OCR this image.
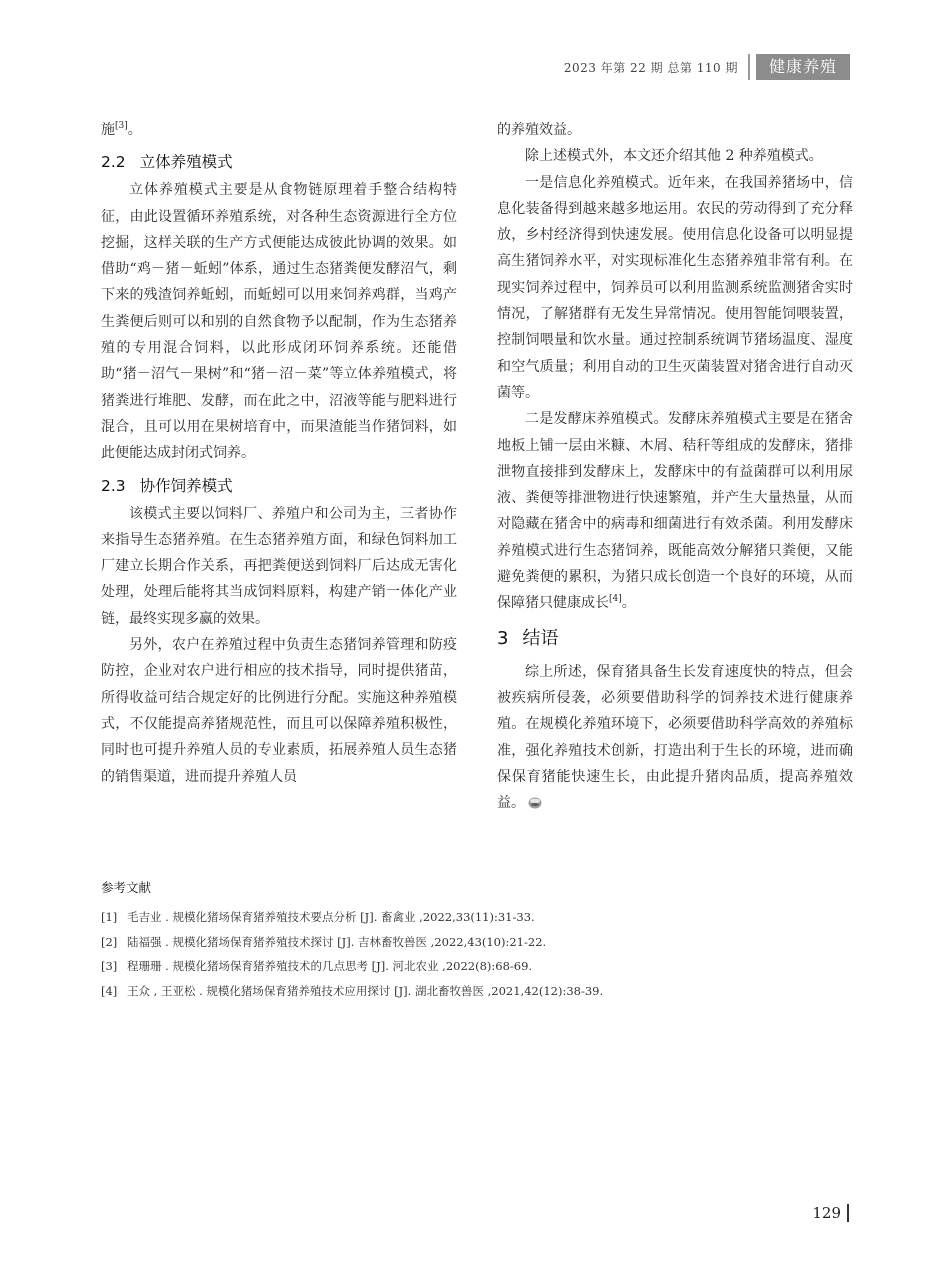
2023 年第 22 期 总第 110 期	健康养殖

施[3]。

2.2 立体养殖模式

立体养殖模式主要是从食物链原理着手整合结构特征，由此设置循环养殖系统，对各种生态资源进行全方位挖掘，这样关联的生产方式便能达成彼此协调的效果。如借助“鸡－猪－蚯蚓”体系，通过生态猪粪便发酵沼气，剩下来的残渣饲养蚯蚓，而蚯蚓可以用来饲养鸡群，当鸡产生粪便后则可以和别的自然食物予以配制，作为生态猪养殖的专用混合饲料，以此形成闭环饲养系统。还能借助“猪－沼气－果树”和“猪－沼－菜”等立体养殖模式，将猪粪进行堆肥、发酵，而在此之中，沼液等能与肥料进行混合，且可以用在果树培育中，而果渣能当作猪饲料，如此便能达成封闭式饲养。

2.3 协作饲养模式

该模式主要以饲料厂、养殖户和公司为主，三者协作来指导生态猪养殖。在生态猪养殖方面，和绿色饲料加工厂建立长期合作关系，再把粪便送到饲料厂后达成无害化处理，处理后能将其当成饲料原料，构建产销一体化产业链，最终实现多赢的效果。

另外，农户在养殖过程中负责生态猪饲养管理和防疫防控，企业对农户进行相应的技术指导，同时提供猪苗，所得收益可结合规定好的比例进行分配。实施这种养殖模式，不仅能提高养猪规范性，而且可以保障养殖积极性，同时也可提升养殖人员的专业素质，拓展养殖人员生态猪的销售渠道，进而提升养殖人员

的养殖效益。

除上述模式外，本文还介绍其他 2 种养殖模式。

一是信息化养殖模式。近年来，在我国养猪场中，信息化装备得到越来越多地运用。农民的劳动得到了充分释放，乡村经济得到快速发展。使用信息化设备可以明显提高生猪饲养水平，对实现标准化生态猪养殖非常有利。在现实饲养过程中，饲养员可以利用监测系统监测猪舍实时情况，了解猪群有无发生异常情况。使用智能饲喂装置，控制饲喂量和饮水量。通过控制系统调节猪场温度、湿度和空气质量；利用自动的卫生灭菌装置对猪舍进行自动灭菌等。

二是发酵床养殖模式。发酵床养殖模式主要是在猪舍地板上铺一层由米糠、木屑、秸秆等组成的发酵床，猪排泄物直接排到发酵床上，发酵床中的有益菌群可以利用尿液、粪便等排泄物进行快速繁殖，并产生大量热量，从而对隐藏在猪舍中的病毒和细菌进行有效杀菌。利用发酵床养殖模式进行生态猪饲养，既能高效分解猪只粪便，又能避免粪便的累积，为猪只成长创造一个良好的环境，从而保障猪只健康成长[4]。

3 结语

综上所述，保育猪具备生长发育速度快的特点，但会被疾病所侵袭，必须要借助科学的饲养技术进行健康养殖。在规模化养殖环境下，必须要借助科学高效的养殖标准，强化养殖技术创新，打造出利于生长的环境，进而确保保育猪能快速生长，由此提升猪肉品质，提高养殖效益。

参考文献
[1] 毛吉业 . 规模化猪场保育猪养殖技术要点分析 [J]. 畜禽业 ,2022,33(11):31-33.
[2] 陆福强 . 规模化猪场保育猪养殖技术探讨 [J]. 吉林畜牧兽医 ,2022,43(10):21-22.
[3] 程珊珊 . 规模化猪场保育猪养殖技术的几点思考 [J]. 河北农业 ,2022(8):68-69.
[4] 王众 , 王亚松 . 规模化猪场保育猪养殖技术应用探讨 [J]. 湖北畜牧兽医 ,2021,42(12):38-39.
129
